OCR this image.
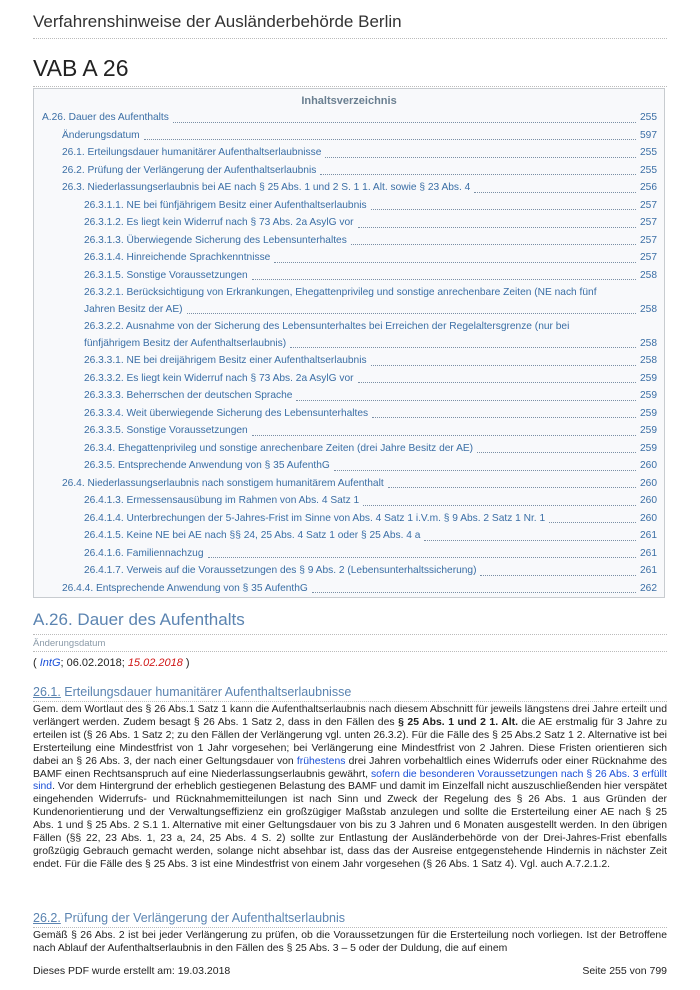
Verfahrenshinweise der Ausländerbehörde Berlin
VAB A 26
Inhaltsverzeichnis
A.26. Dauer des Aufenthalts	255
Änderungsdatum	597
26.1. Erteilungsdauer humanitärer Aufenthaltserlaubnisse	255
26.2. Prüfung der Verlängerung der Aufenthaltserlaubnis	255
26.3. Niederlassungserlaubnis bei AE nach § 25 Abs. 1 und 2 S. 1 1. Alt. sowie § 23 Abs. 4	256
26.3.1.1. NE bei fünfjährigem Besitz einer Aufenthaltserlaubnis	257
26.3.1.2. Es liegt kein Widerruf nach § 73 Abs. 2a AsylG vor	257
26.3.1.3. Überwiegende Sicherung des Lebensunterhaltes	257
26.3.1.4. Hinreichende Sprachkenntnisse	257
26.3.1.5. Sonstige Voraussetzungen	258
26.3.2.1. Berücksichtigung von Erkrankungen, Ehegattenprivileg und sonstige anrechenbare Zeiten (NE nach fünf
Jahren Besitz der AE)	258
26.3.2.2. Ausnahme von der Sicherung des Lebensunterhaltes bei Erreichen der Regelaltersgrenze (nur bei
fünfjährigem Besitz der Aufenthaltserlaubnis)	258
26.3.3.1. NE bei dreijährigem Besitz einer Aufenthaltserlaubnis	258
26.3.3.2. Es liegt kein Widerruf nach § 73 Abs. 2a AsylG vor	259
26.3.3.3. Beherrschen der deutschen Sprache	259
26.3.3.4. Weit überwiegende Sicherung des Lebensunterhaltes	259
26.3.3.5. Sonstige Voraussetzungen	259
26.3.4. Ehegattenprivileg und sonstige anrechenbare Zeiten (drei Jahre Besitz der AE)	259
26.3.5. Entsprechende Anwendung von § 35 AufenthG	260
26.4. Niederlassungserlaubnis nach sonstigem humanitärem Aufenthalt	260
26.4.1.3. Ermessensausübung im Rahmen von Abs. 4 Satz 1	260
26.4.1.4. Unterbrechungen der 5-Jahres-Frist im Sinne von Abs. 4 Satz 1 i.V.m. § 9 Abs. 2 Satz 1 Nr. 1	260
26.4.1.5. Keine NE bei AE nach §§ 24, 25 Abs. 4 Satz 1 oder § 25 Abs. 4 a	261
26.4.1.6. Familiennachzug	261
26.4.1.7. Verweis auf die Voraussetzungen des § 9 Abs. 2 (Lebensunterhaltssicherung)	261
26.4.4. Entsprechende Anwendung von § 35 AufenthG	262
A.26. Dauer des Aufenthalts
Änderungsdatum
( IntG; 06.02.2018; 15.02.2018 )
26.1. Erteilungsdauer humanitärer Aufenthaltserlaubnisse
Gem. dem Wortlaut des § 26 Abs.1 Satz 1 kann die Aufenthaltserlaubnis nach diesem Abschnitt für jeweils längstens drei Jahre erteilt und verlängert werden. Zudem besagt § 26 Abs. 1 Satz 2, dass in den Fällen des § 25 Abs. 1 und 2 1. Alt. die AE erstmalig für 3 Jahre zu erteilen ist (§ 26 Abs. 1 Satz 2; zu den Fällen der Verlängerung vgl. unten 26.3.2). Für die Fälle des § 25 Abs.2 Satz 1 2. Alternative ist bei Ersterteilung eine Mindestfrist von 1 Jahr vorgesehen; bei Verlängerung eine Mindestfrist von 2 Jahren. Diese Fristen orientieren sich dabei an § 26 Abs. 3, der nach einer Geltungsdauer von frühestens drei Jahren vorbehaltlich eines Widerrufs oder einer Rücknahme des BAMF einen Rechtsanspruch auf eine Niederlassungserlaubnis gewährt, sofern die besonderen Voraussetzungen nach § 26 Abs. 3 erfüllt sind. Vor dem Hintergrund der erheblich gestiegenen Belastung des BAMF und damit im Einzelfall nicht auszuschließenden hier verspätet eingehenden Widerrufs- und Rücknahmemitteilungen ist nach Sinn und Zweck der Regelung des § 26 Abs. 1 aus Gründen der Kundenorientierung und der Verwaltungseffizienz ein großzügiger Maßstab anzulegen und sollte die Ersterteilung einer AE nach § 25 Abs. 1 und § 25 Abs. 2 S.1 1. Alternative mit einer Geltungsdauer von bis zu 3 Jahren und 6 Monaten ausgestellt werden. In den übrigen Fällen (§§ 22, 23 Abs. 1, 23 a, 24, 25 Abs. 4 S. 2) sollte zur Entlastung der Ausländerbehörde von der Drei-Jahres-Frist ebenfalls großzügig Gebrauch gemacht werden, solange nicht absehbar ist, dass das der Ausreise entgegenstehende Hindernis in nächster Zeit endet. Für die Fälle des § 25 Abs. 3 ist eine Mindestfrist von einem Jahr vorgesehen (§ 26 Abs. 1 Satz 4). Vgl. auch A.7.2.1.2.
26.2. Prüfung der Verlängerung der Aufenthaltserlaubnis
Gemäß § 26 Abs. 2 ist bei jeder Verlängerung zu prüfen, ob die Voraussetzungen für die Ersterteilung noch vorliegen. Ist der Betroffene nach Ablauf der Aufenthaltserlaubnis in den Fällen des § 25 Abs. 3 – 5 oder der Duldung, die auf einem
Dieses PDF wurde erstellt am: 19.03.2018	Seite 255 von 799
